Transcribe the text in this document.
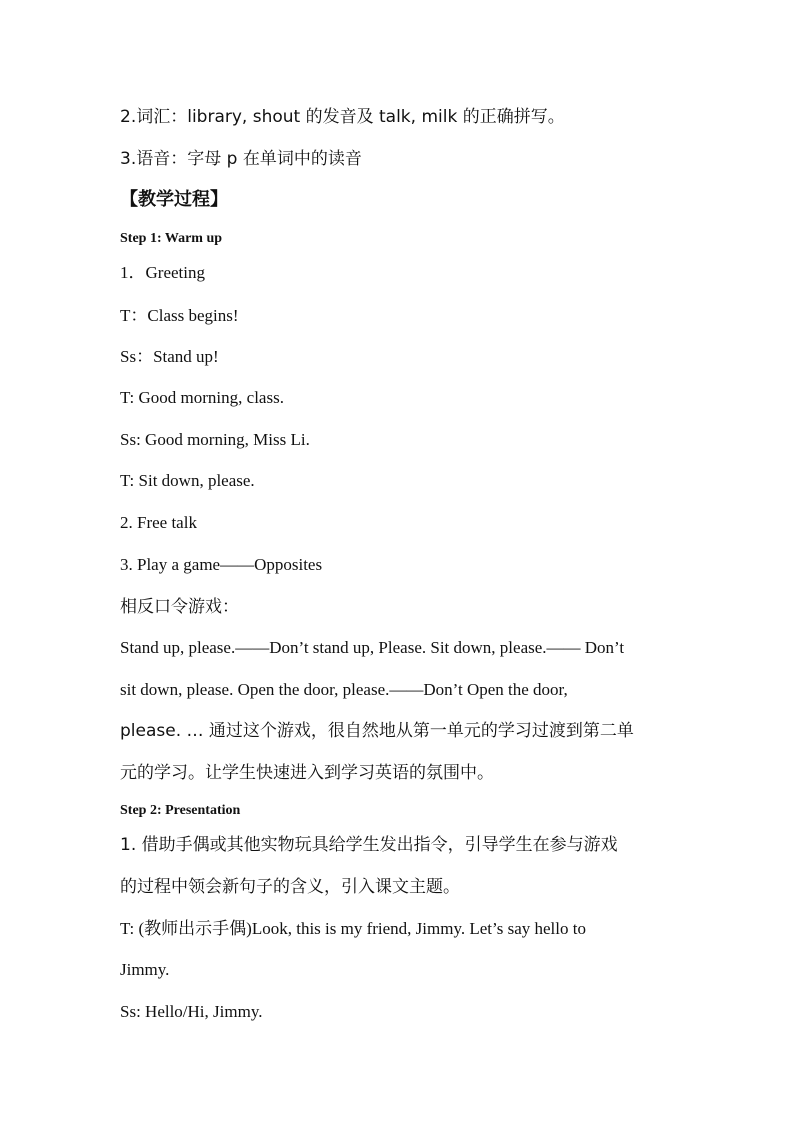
2.词汇：library, shout 的发音及 talk, milk 的正确拼写。
3.语音：字母 p 在单词中的读音
【教学过程】
Step 1: Warm up
1．Greeting
T：Class begins!
Ss：Stand up!
T: Good morning, class.
Ss: Good morning, Miss Li.
T: Sit down, please.
2. Free talk
3. Play a game——Opposites
相反口令游戏：
Stand up, please.——Don’t stand up, Please. Sit down, please.—— Don’t
sit down, please. Open the door, please.——Don’t Open the door,
please. … 通过这个游戏，很自然地从第一单元的学习过渡到第二单
元的学习。让学生快速进入到学习英语的氛围中。
Step 2: Presentation
1. 借助手偶或其他实物玩具给学生发出指令，引导学生在参与游戏
的过程中领会新句子的含义，引入课文主题。
T: (教师出示手偶)Look, this is my friend, Jimmy. Let’s say hello to
Jimmy.
Ss: Hello/Hi, Jimmy.
